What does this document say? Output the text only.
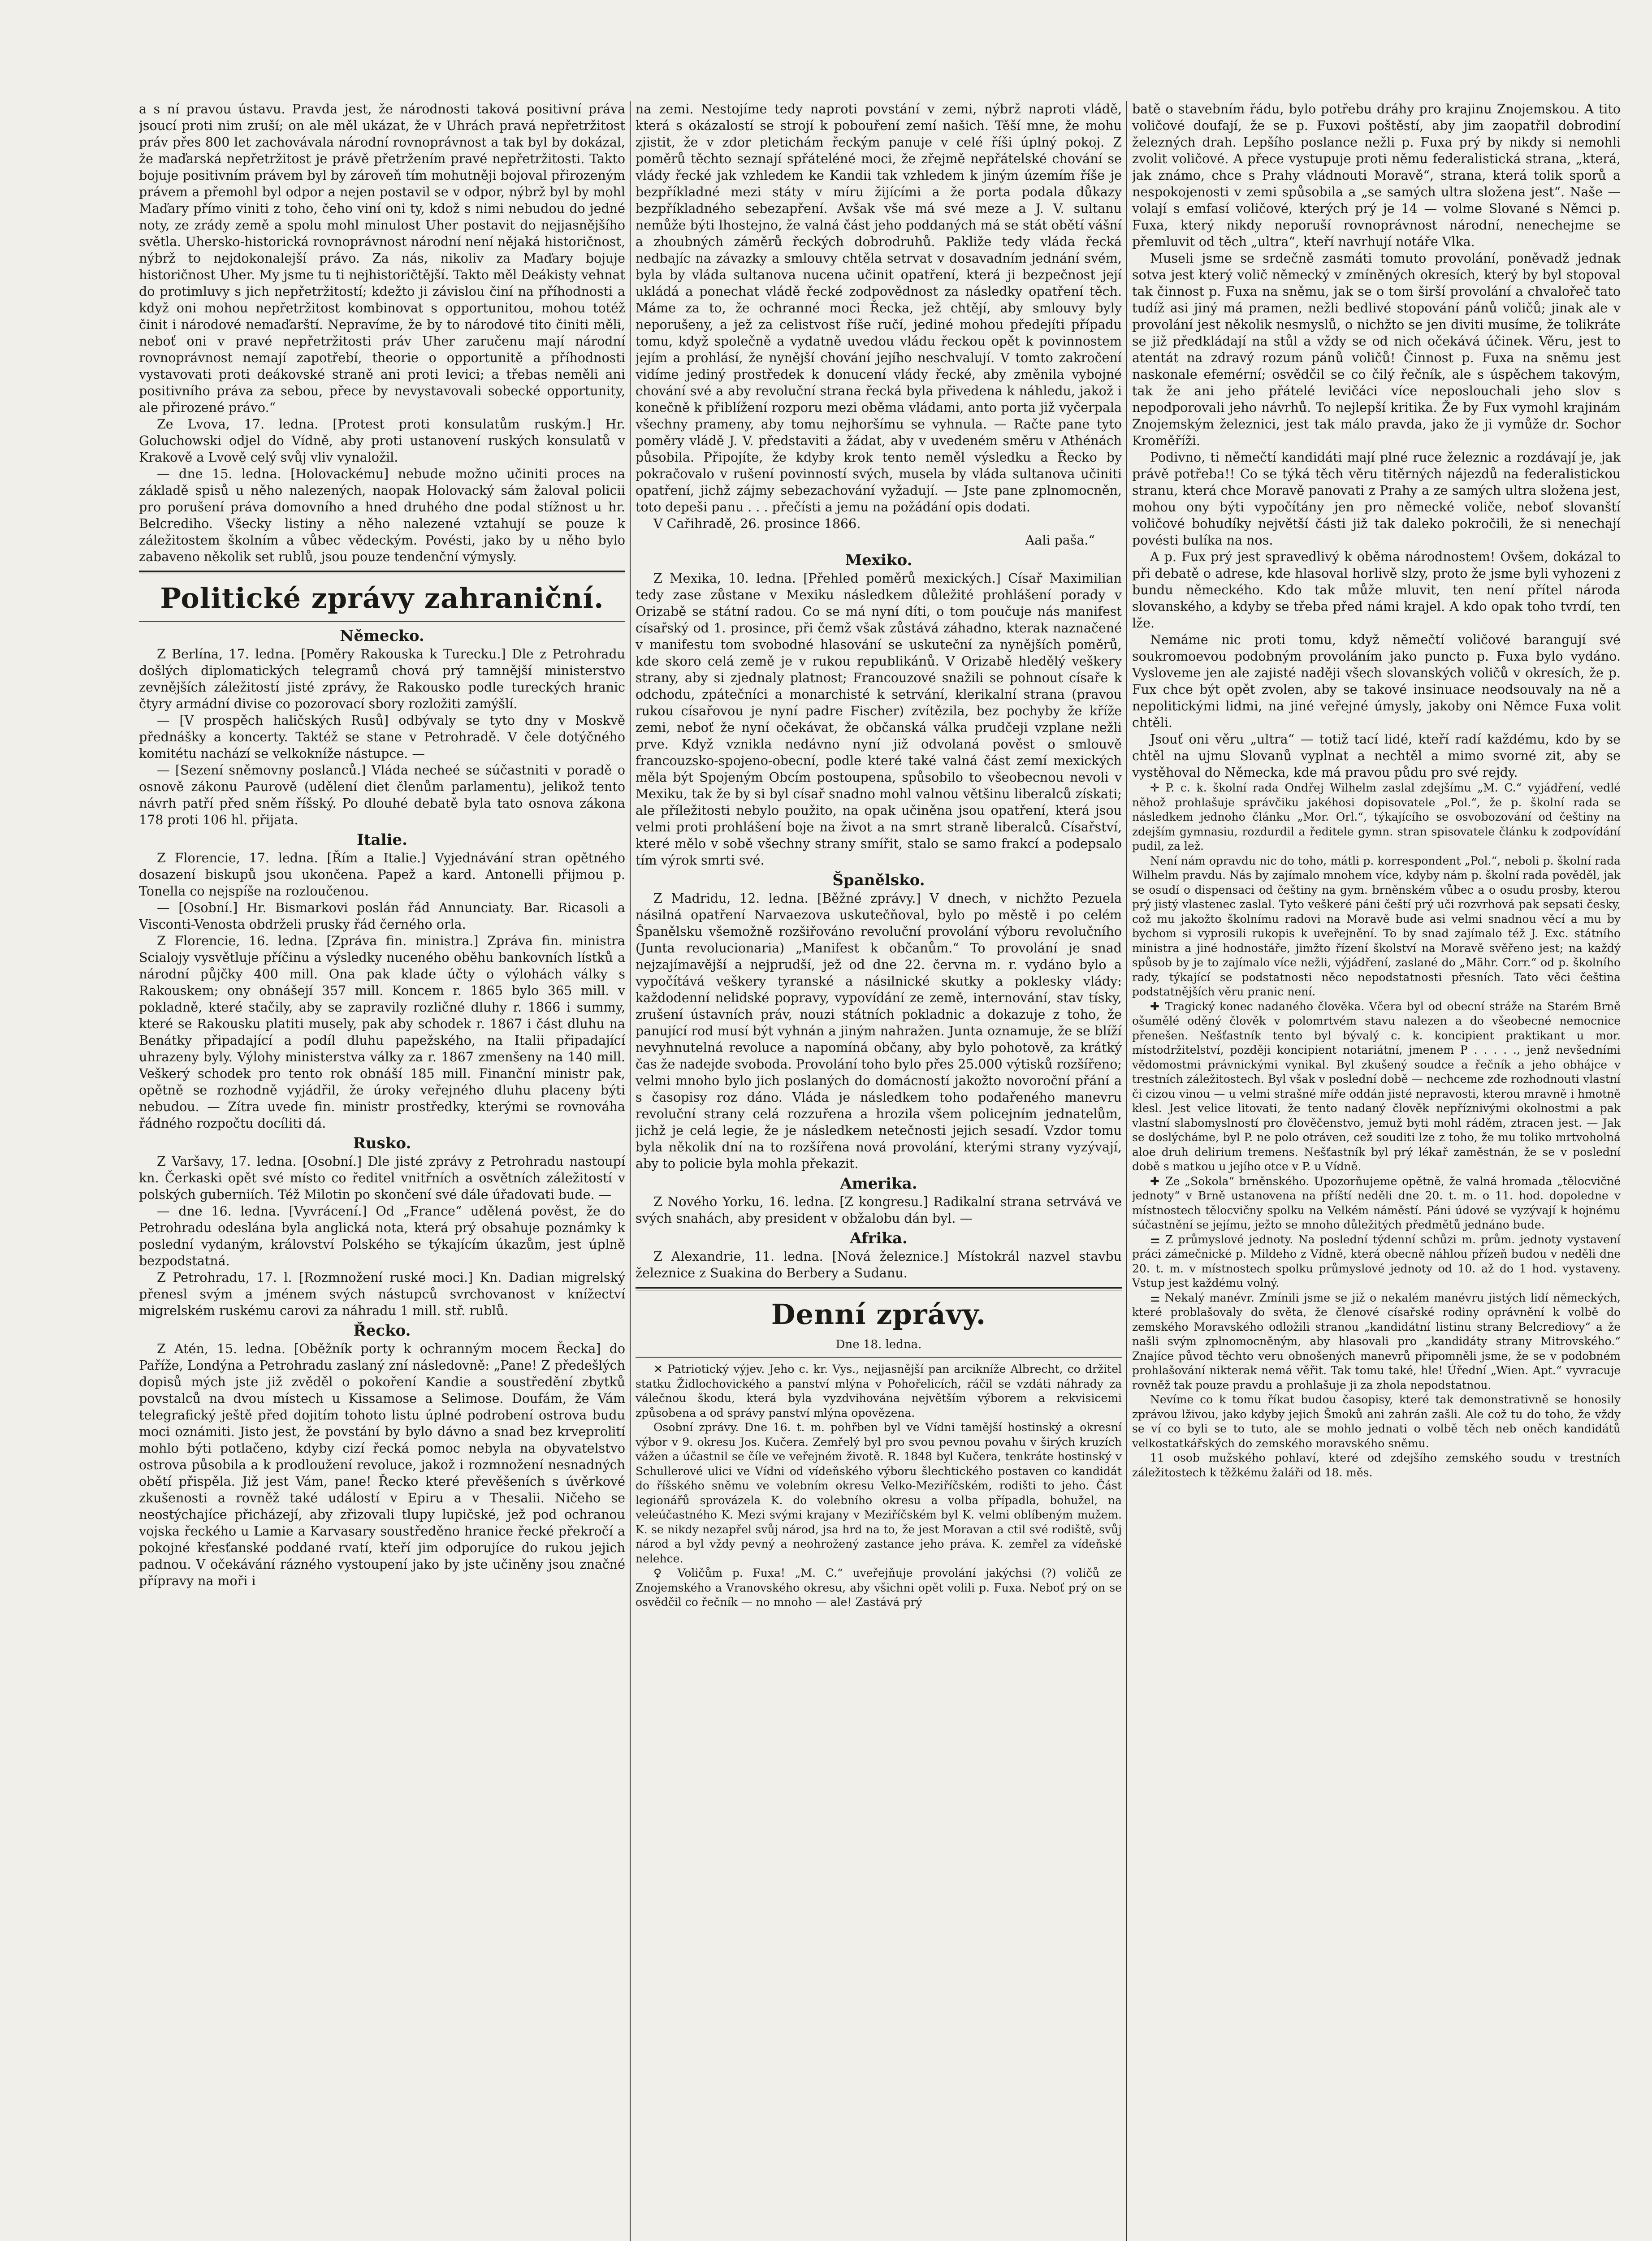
a s ní pravou ústavu. Pravda jest, že národnosti taková positivní práva jsoucí proti nim zruší; on ale měl ukázat, že v Uhrách pravá nepřetržitost práv přes 800 let zachovávala národní rovnoprávnost a tak byl by dokázal, že maďarská nepřetržitost je právě přetržením pravé nepřetržitosti. Takto bojuje positivním právem byl by zároveň tím mohutněji bojoval přirozeným právem a přemohl byl odpor a nejen postavil se v odpor, nýbrž byl by mohl Maďary přímo viniti z toho, čeho viní oni ty, kdož s nimi nebudou do jedné noty, ze zrády země a spolu mohl minulost Uher postavit do nejjasnějšího světla. Uhersko-historická rovnoprávnost národní není nějaká historičnost, nýbrž to nejdokonalejší právo. Za nás, nikoliv za Maďary bojuje historičnost Uher. My jsme tu ti nejhistoričtější. Takto měl Deákisty vehnat do protimluvy s jich nepřetržitostí; kdežto ji závislou činí na příhodnosti a když oni mohou nepřetržitost kombinovat s opportunitou, mohou totéž činit i národové nemaďarští. Nepravíme, že by to národové tito činiti měli, neboť oni v pravé nepřetržitosti práv Uher zaručenu mají národní rovnoprávnost nemají zapotřebí, theorie o opportunitě a příhodnosti vystavovati proti deákovské straně ani proti levici; a třebas neměli ani positivního práva za sebou, přece by nevystavovali sobecké opportunity, ale přirozené právo.“

Ze Lvova, 17. ledna. [Protest proti konsulatům ruským.] Hr. Goluchowski odjel do Vídně, aby proti ustanovení ruských konsulatů v Krakově a Lvově celý svůj vliv vynaložil.

— dne 15. ledna. [Holovackému] nebude možno učiniti proces na základě spisů u něho nalezených, naopak Holovacký sám žaloval policii pro porušení práva domovního a hned druhého dne podal stížnost u hr. Belcrediho. Všecky listiny a něho nalezené vztahují se pouze k záležitostem školním a vůbec vědeckým. Povésti, jako by u něho bylo zabaveno několik set rublů, jsou pouze tendenční výmysly.

Politické zprávy zahraniční.
Německo.

Z Berlína, 17. ledna. [Poměry Rakouska k Turecku.] Dle z Petrohradu došlých diplomatických telegramů chová prý tamnější ministerstvo zevnějších záležitostí jisté zprávy, že Rakousko podle tureckých hranic čtyry armádní divise co pozorovací sbory rozložiti zamýšlí.

— [V prospěch haličských Rusů] odbývaly se tyto dny v Moskvě přednášky a koncerty. Taktéž se stane v Petrohradě. V čele dotýčného komitétu nachází se velkokníže nástupce. —

— [Sezení sněmovny poslanců.] Vláda necheé se súčastniti v poradě o osnově zákonu Paurově (udělení diet členům parlamentu), jelikož tento návrh patří před sněm říšský. Po dlouhé debatě byla tato osnova zákona 178 proti 106 hl. přijata.

Italie.

Z Florencie, 17. ledna. [Řím a Italie.] Vyjednávání stran opětného dosazení biskupů jsou ukončena. Papež a kard. Antonelli přijmou p. Tonella co nejspíše na rozloučenou.

— [Osobní.] Hr. Bismarkovi poslán řád Annunciaty. Bar. Ricasoli a Visconti-Venosta obdrželi prusky řád černého orla.

Z Florencie, 16. ledna. [Zpráva fin. ministra.] Zpráva fin. ministra Scialojy vysvětluje příčinu a výsledky nuceného oběhu bankovních lístků a národní půjčky 400 mill. Ona pak klade účty o výlohách války s Rakouskem; ony obnášejí 357 mill. Koncem r. 1865 bylo 365 mill. v pokladně, které stačily, aby se zapravily rozličné dluhy r. 1866 i summy, které se Rakousku platiti musely, pak aby schodek r. 1867 i část dluhu na Benátky připadající a podíl dluhu papežského, na Italii připadající uhrazeny byly. Výlohy ministerstva války za r. 1867 zmenšeny na 140 mill. Veškerý schodek pro tento rok obnáší 185 mill. Finanční ministr pak, opětně se rozhodně vyjádřil, že úroky veřejného dluhu placeny býti nebudou. — Zítra uvede fin. ministr prostředky, kterými se rovnováha řádného rozpočtu docíliti dá.

Rusko.

Z Varšavy, 17. ledna. [Osobní.] Dle jisté zprávy z Petrohradu nastoupí kn. Čerkaski opět své místo co ředitel vnitřních a osvětních záležitostí v polských guberniích. Též Milotin po skončení své dále úřadovati bude. —

— dne 16. ledna. [Vyvrácení.] Od „France“ udělená pověst, že do Petrohradu odeslána byla anglická nota, která prý obsahuje poznámky k poslední vydaným, království Polského se týkajícím úkazům, jest úplně bezpodstatná.

Z Petrohradu, 17. l. [Rozmnožení ruské moci.] Kn. Dadian migrelský přenesl svým a jménem svých nástupců svrchovanost v knížectví migrelském ruskému carovi za náhradu 1 mill. stř. rublů.

Řecko.

Z Atén, 15. ledna. [Oběžník porty k ochranným mocem Řecka] do Paříže, Londýna a Petrohradu zaslaný zní následovně: „Pane! Z předešlých dopisů mých jste již zvěděl o pokoření Kandie a soustředění zbytků povstalců na dvou místech u Kissamose a Selimose. Doufám, že Vám telegrafický ještě před dojitím tohoto listu úplné podrobení ostrova budu moci oznámiti. Jisto jest, že povstání by bylo dávno a snad bez krveprolití mohlo býti potlačeno, kdyby cizí řecká pomoc nebyla na obyvatelstvo ostrova působila a k prodloužení revoluce, jakož i rozmnožení nesnadných obětí přispěla. Již jest Vám, pane! Řecko které převěšeních s úvěrkové zkušenosti a rovněž také událostí v Epiru a v Thesalii. Ničeho se neostýchajíce přicházejí, aby zřizovali tlupy lupičské, jež pod ochranou vojska řeckého u Lamie a Karvasary soustředěno hranice řecké překročí a pokojné křesťanské poddané rvatí, kteří jim odporujíce do rukou jejich padnou. V očekávání rázného vystoupení jako by jste učiněny jsou značné přípravy na moři i

na zemi. Nestojíme tedy naproti povstání v zemi, nýbrž naproti vládě, která s okázalostí se strojí k pobouření zemí našich. Těší mne, že mohu zjistit, že v zdor pletichám řeckým panuje v celé říši úplný pokoj. Z poměrů těchto seznají spřáteléné moci, že zřejmě nepřátelské chování se vlády řecké jak vzhledem ke Kandii tak vzhledem k jiným územím říše je bezpříkladné mezi státy v míru žijícími a že porta podala důkazy bezpříkladného sebezapření. Avšak vše má své meze a J. V. sultanu nemůže býti lhostejno, že valná část jeho poddaných má se stát obětí vášní a zhoubných záměrů řeckých dobrodruhů. Pakliže tedy vláda řecká nedbajíc na závazky a smlouvy chtěla setrvat v dosavadním jednání svém, byla by vláda sultanova nucena učinit opatření, která ji bezpečnost její ukládá a ponechat vládě řecké zodpovědnost za následky opatření těch. Máme za to, že ochranné moci Řecka, jež chtějí, aby smlouvy byly neporušeny, a jež za celistvost říše ručí, jediné mohou předejíti případu tomu, když společně a vydatně uvedou vládu řeckou opět k povinnostem jejím a prohlásí, že nynější chování jejího neschvalují. V tomto zakročení vidíme jediný prostředek k donucení vlády řecké, aby změnila vybojné chování své a aby revoluční strana řecká byla přivedena k náhledu, jakož i konečně k přiblížení rozporu mezi oběma vládami, anto porta již vyčerpala všechny prameny, aby tomu nejhoršímu se vyhnula. — Račte pane tyto poměry vládě J. V. představiti a žádat, aby v uvedeném směru v Athénách působila. Připojíte, že kdyby krok tento neměl výsledku a Řecko by pokračovalo v rušení povinností svých, musela by vláda sultanova učiniti opatření, jichž zájmy sebezachování vyžadují. — Jste pane zplnomocněn, toto depeši panu . . . přečísti a jemu na požádání opis dodati.

V Cařihradě, 26. prosince 1866.

Aali paša.“
Mexiko.

Z Mexika, 10. ledna. [Přehled poměrů mexických.] Císař Maximilian tedy zase zůstane v Mexiku následkem důležité prohlášení porady v Orizabě se státní radou. Co se má nyní díti, o tom poučuje nás manifest císařský od 1. prosince, při čemž však zůstává záhadno, kterak naznačené v manifestu tom svobodné hlasování se uskuteční za nynějších poměrů, kde skoro celá země je v rukou republikánů. V Orizabě hledělý veškery strany, aby si zjednaly platnost; Francouzové snažili se pohnout císaře k odchodu, zpátečníci a monarchisté k setrvání, klerikalní strana (pravou rukou císařovou je nyní padre Fischer) zvítězila, bez pochyby že kříže zemi, neboť že nyní očekávat, že občanská válka prudčeji vzplane nežli prve. Když vznikla nedávno nyní již odvolaná pověst o smlouvě francouzsko-spojeno-obecní, podle které také valná část zemí mexických měla být Spojeným Obcím postoupena, spůsobilo to všeobecnou nevoli v Mexiku, tak že by si byl císař snadno mohl valnou většinu liberalců získati; ale příležitosti nebylo použito, na opak učiněna jsou opatření, která jsou velmi proti prohlášení boje na život a na smrt straně liberalců. Císařství, které mělo v sobě všechny strany smířit, stalo se samo frakcí a podepsalo tím výrok smrti své.

Španělsko.

Z Madridu, 12. ledna. [Běžné zprávy.] V dnech, v nichžto Pezuela násilná opatření Narvaezova uskutečňoval, bylo po městě i po celém Španělsku všemožně rozšiřováno revoluční provolání výboru revolučního (Junta revolucionaria) „Manifest k občanům.“ To provolání je snad nejzajímavější a nejprudší, jež od dne 22. června m. r. vydáno bylo a vypočítává veškery tyranské a násilnické skutky a pokleskу vlády: každodenní nelidské popravy, vypovídání ze země, internování, stav tísky, zrušení ústavních práv, nouzi státních pokladnic a dokazuje z toho, že panující rod musí být vyhnán a jiným nahražen. Junta oznamuje, že se blíží nevyhnutelná revoluce a napomíná občany, aby bylo pohotově, za krátký čas že nadejde svoboda. Provolání toho bylo přes 25.000 výtisků rozšířeno; velmi mnoho bylo jich poslaných do domácností jakožto novoroční přání a s časopisy roz dáno. Vláda je následkem toho podařeného manevru revoluční strany celá rozzuřena a hrozila všem policejním jednatelům, jichž je celá legie, že je následkem netečnosti jejich sesadí. Vzdor tomu byla několik dní na to rozšířena nová provolání, kterými strany vyzývají, aby to policie byla mohla překazit.

Amerika.

Z Nového Yorku, 16. ledna. [Z kongresu.] Radikalní strana setrvává ve svých snahách, aby president v obžalobu dán byl. —

Afrika.

Z Alexandrie, 11. ledna. [Nová železnice.] Místokrál nazvel stavbu železnice z Suakina do Berbery a Sudanu.

Denní zprávy.
Dne 18. ledna.

✕ Patriotický výjev. Jeho c. kr. Vys., nejjasnější pan arcikníže Albrecht, co držitel statku Židlochovického a panství mlýna v Pohořelicích, ráčil se vzdáti náhrady za válečnou škodu, která byla vyzdvihována největším výborem a rekvisicemi způsobena a od správy panství mlýna opovězena.

Osobní zprávy. Dne 16. t. m. pohřben byl ve Vídni tamější hostinský a okresní výbor v 9. okresu Jos. Kučera. Zemřelý byl pro svou pevnou povahu v širých kruzích vážen a účastnil se číle ve veřejném životě. R. 1848 byl Kučera, tenkráte hostinský v Schullerové ulici ve Vídni od vídeňského výboru šlechtického postaven co kandidát do říšského sněmu ve volebním okresu Velko-Meziříčském, rodišti to jeho. Část legionářů sprovázela K. do volebního okresu a volba případla, bohužel, na veleúčastného K. Mezi svými krajany v Meziříčském byl K. velmi oblíbeným mužem. K. se nikdy nezapřel svůj národ, jsa hrd na to, že jest Moravan a ctil své rodiště, svůj národ a byl vždy pevný a neohrožený zastance jeho práva. K. zemřel za vídeňské nelehce.

♀ Voličům p. Fuxa! „M. C.“ uveřejňuje provolání jakýchsi (?) voličů ze Znojemského a Vranovského okresu, aby všichni opět volili p. Fuxa. Neboť prý on se osvědčil co řečník — no mnoho — ale! Zastává prý

batě o stavebním řádu, bylo potřebu dráhy pro krajinu Znojemskou. A tito voličové doufají, že se p. Fuxovi poštěstí, aby jim zaopatřil dobrodiní železných drah. Lepšího poslance nežli p. Fuxa prý by nikdy si nemohli zvolit voličové. A přece vystupuje proti němu federalistická strana, „která, jak známo, chce s Prahy vládnouti Moravě“, strana, která tolik sporů a nespokojenosti v zemi spůsobila a „se samých ultra složena jest“. Naše — volají s emfasí voličové, kterých prý je 14 — volme Slované s Němci p. Fuxa, který nikdy neporuší rovnoprávnost národní, nenechejme se přemluvit od těch „ultra“, kteří navrhují notáře Vlka.

Museli jsme se srdečně zasmáti tomuto provolání, poněvadž jednak sotva jest který volič německý v zmíněných okresích, který by byl stopoval tak činnost p. Fuxa na sněmu, jak se o tom širší provolání a chvalořeč tato tudíž asi jiný má pramen, nežli bedlivé stopování pánů voličů; jinak ale v provolání jest několik nesmyslů, o nichžto se jen diviti musíme, že tolikráte se již předkládají na stůl a vždy se od nich očekává účinek. Věru, jest to atentát na zdravý rozum pánů voličů! Činnost p. Fuxa na sněmu jest naskonale efemérní; osvědčil se co čilý řečník, ale s úspěchem takovým, tak že ani jeho přátelé levičáci více neposlouchali jeho slov s nepodporovali jeho návrhů. To nejlepší kritika. Že by Fux vymohl krajinám Znojemským železnici, jest tak málo pravda, jako že ji vymůže dr. Sochor Kroměříži.

Podivno, ti němečtí kandidáti mají plné ruce železnic a rozdávají je, jak právě potřeba!! Co se týká těch věru titěrných nájezdů na federalistickou stranu, která chce Moravě panovati z Prahy a ze samých ultra složena jest, mohou ony býti vypočítány jen pro německé voliče, neboť slovanští voličové bohudíky největší části již tak daleko pokročili, že si nenechají povésti bulíka na nos.

A p. Fux prý jest spravedlivý k oběma národnostem! Ovšem, dokázal to při debatě o adrese, kde hlasoval horlivě slzy, proto že jsme byli vyhozeni z bundu německého. Kdo tak může mluvit, ten není přítel národa slovanského, a kdyby se třeba před námi krajel. A kdo opak toho tvrdí, ten lže.

Nemáme nic proti tomu, když němečtí voličové barangují své soukromoevou podobným provoláním jako puncto p. Fuxa bylo vydáno. Vysloveme jen ale zajisté naději všech slovanských voličů v okresích, že p. Fux chce být opět zvolen, aby se takové insinuace neodsouvaly na ně a nepolitickými lidmi, na jiné veřejné úmysly, jakoby oni Němce Fuxa volit chtěli.

Jsouť oni věru „ultra“ — totiž tací lidé, kteří radí každému, kdo by se chtěl na ujmu Slovanů vyplnat a nechtěl a mimo svorné zit, aby se vystěhoval do Německa, kde má pravou půdu pro své rejdy.

✛ P. c. k. školní rada Ondřej Wilhelm zaslal zdejšímu „M. C.“ vyjádření, vedlé něhož prohlašuje správčiku jakéhosi dopisovatele „Pol.“, že p. školní rada se následkem jednoho článku „Mor. Orl.“, týkajícího se osvobozování od češtiny na zdejším gymnasiu, rozdurdil a ředitele gymn. stran spisovatele článku k zodpovídání pudil, za lež.

Není nám opravdu nic do toho, mátli p. korrespondent „Pol.“, neboli p. školní rada Wilhelm pravdu. Nás by zajímalo mnohem více, kdyby nám p. školní rada pověděl, jak se osudí o dispensaci od češtiny na gym. brněnském vůbec a o osudu prosby, kterou prý jistý vlastenec zaslal. Tyto veškeré páni čeští prý uči rozvrhová pak sepsati česky, což mu jakožto školnímu radovi na Moravě bude asi velmi snadnou věcí a mu by bychom si vyprosili rukopis k uveřejnění. To by snad zajímalo též J. Exc. státního ministra a jiné hodnostáře, jimžto řízení školství na Moravě svěřeno jest; na každý spůsob by je to zajímalo více nežli, výjádření, zaslané do „Mähr. Corr.“ od p. školního rady, týkající se podstatnosti něco nepodstatnosti přesních. Tato věci čeština podstatnějších věru pranic není.

✚ Tragický konec nadaného člověka. Včera byl od obecní stráže na Starém Brně ošumělé oděný člověk v polomrtvém stavu nalezen a do všeobecné nemocnice přenešen. Nešťastník tento byl bývalý c. k. koncipient praktikant u mor. místodržitelství, později koncipient notariátní, jmenem P . . . . ., jenž nevšedními vědomostmi právnickými vynikal. Byl zkušený soudce a řečník a jeho obhájce v trestních záležitostech. Byl však v poslední době — nechceme zde rozhodnouti vlastní či cizou vinou — u velmi strašné míře oddán jisté nepravosti, kterou mravně i hmotně klesl. Jest velice litovati, že tento nadaný člověk nepříznivými okolnostmi a pak vlastní slabomyslností pro člověčenstvo, jemuž byti mohl ráděm, ztracen jest. — Jak se doslýcháme, byl P. ne polo otráven, cež souditi lze z toho, že mu toliko mrtvoholná aloe druh delirium tremens. Nešťastník byl prý lékař zaměstnán, že se v poslední době s matkou u jejího otce v P. u Vídně.

✚ Ze „Sokola“ brněnského. Upozorňujeme opětně, že valná hromada „tělocvičné jednoty“ v Brně ustanovena na příští neděli dne 20. t. m. o 11. hod. dopoledne v místnostech tělocvičny spolku na Velkém náměstí. Páni údové se vyzývají k hojnému súčastnění se jejímu, ježto se mnoho důležitých předmětů jednáno bude.

⚌ Z průmyslové jednoty. Na poslední týdenní schůzi m. prům. jednoty vystavení práci zámečnické p. Mildeho z Vídně, která obecně náhlou přízeň budou v neděli dne 20. t. m. v místnostech spolku průmyslové jednoty od 10. až do 1 hod. vystaveny. Vstup jest každému volný.

⚌ Nekalý manévr. Zmínili jsme se již o nekalém manévru jistých lidí německých, které problašovaly do světa, že členové císařské rodiny oprávnění k volbě do zemského Moravského odložili stranou „kandidátní listinu strany Belcrediovy“ a že našli svým zplnomocněným, aby hlasovali pro „kandidáty strany Mitrovského.“ Znajíce původ těchto veru obnošených manevrů připomněli jsme, že se v podobném prohlašování nikterak nemá věřit. Tak tomu také, hle! Úřední „Wien. Apt.“ vyvracuje rovněž tak pouze pravdu a prohlašuje ji za zhola nepodstatnou.

Nevíme co k tomu říkat budou časopisy, které tak demonstrativně se honosily zprávou lživou, jako kdyby jejich Šmoků ani zahrán zašli. Ale což tu do toho, že vždy se ví co byli se to tuto, ale se mohlo jednati o volbě těch neb oněch kandidátů velkostatkářských do zemského moravského sněmu.

11 osob mužského pohlaví, které od zdejšího zemského soudu v trestních záležitostech k těžkému žaláři od 18. měs.
